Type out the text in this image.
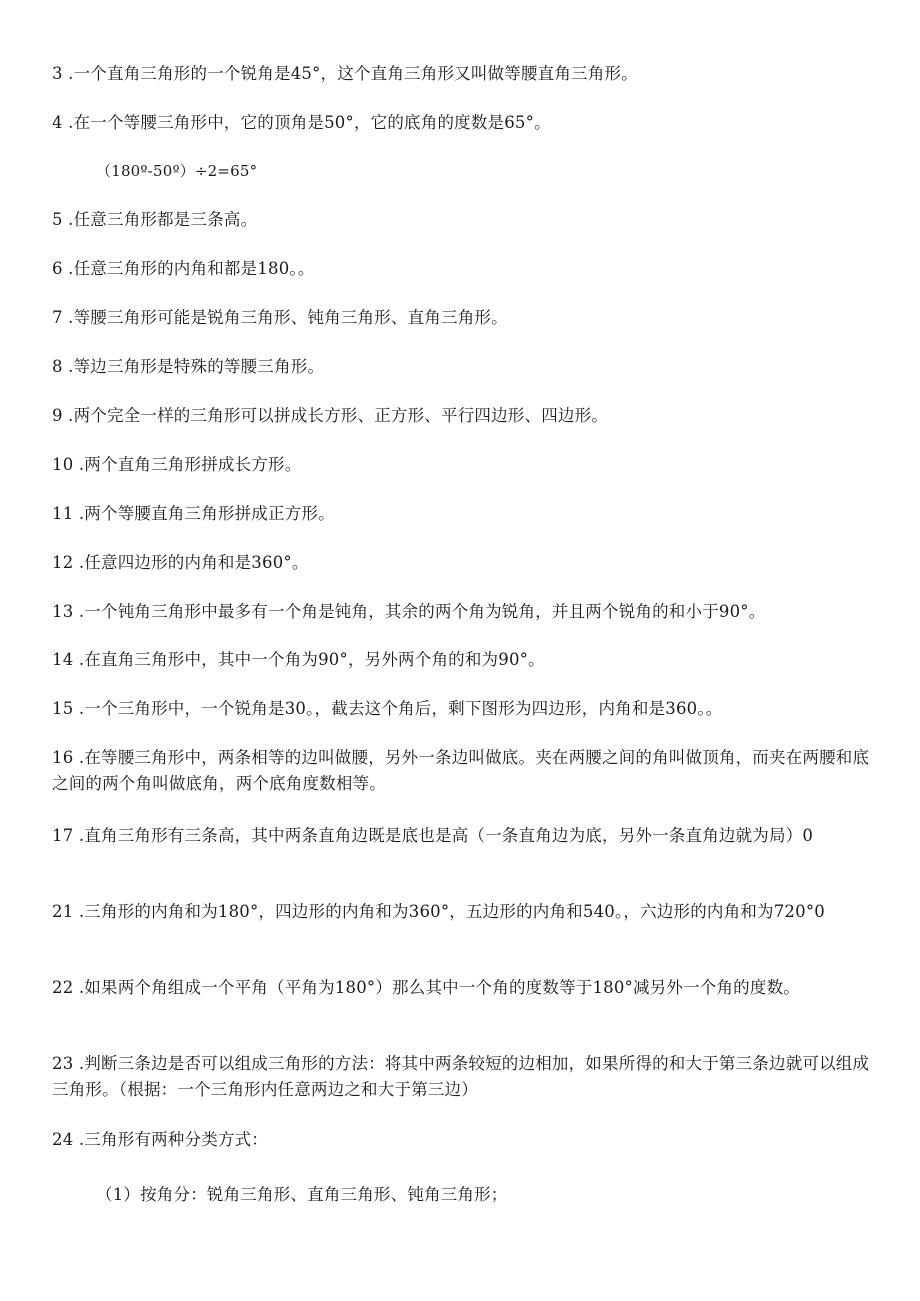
3 .一个直角三角形的一个锐角是45°，这个直角三角形又叫做等腰直角三角形。
4 .在一个等腰三角形中，它的顶角是50°，它的底角的度数是65°。
（180º-50º）÷2=65°
5 .任意三角形都是三条高。
6 .任意三角形的内角和都是180。。
7 .等腰三角形可能是锐角三角形、钝角三角形、直角三角形。
8 .等边三角形是特殊的等腰三角形。
9 .两个完全一样的三角形可以拼成长方形、正方形、平行四边形、四边形。
10 .两个直角三角形拼成长方形。
11 .两个等腰直角三角形拼成正方形。
12 .任意四边形的内角和是360°。
13 .一个钝角三角形中最多有一个角是钝角，其余的两个角为锐角，并且两个锐角的和小于90°。
14 .在直角三角形中，其中一个角为90°，另外两个角的和为90°。
15 .一个三角形中，一个锐角是30。，截去这个角后，剩下图形为四边形，内角和是360。。
16 .在等腰三角形中，两条相等的边叫做腰，另外一条边叫做底。夹在两腰之间的角叫做顶角，而夹在两腰和底之间的两个角叫做底角，两个底角度数相等。
17 .直角三角形有三条高，其中两条直角边既是底也是高（一条直角边为底，另外一条直角边就为局）0
21 .三角形的内角和为180°，四边形的内角和为360°，五边形的内角和540。，六边形的内角和为720°0
22 .如果两个角组成一个平角（平角为180°）那么其中一个角的度数等于180°减另外一个角的度数。
23 .判断三条边是否可以组成三角形的方法：将其中两条较短的边相加，如果所得的和大于第三条边就可以组成三角形。（根据：一个三角形内任意两边之和大于第三边）
24 .三角形有两种分类方式：
（1）按角分：锐角三角形、直角三角形、钝角三角形；
